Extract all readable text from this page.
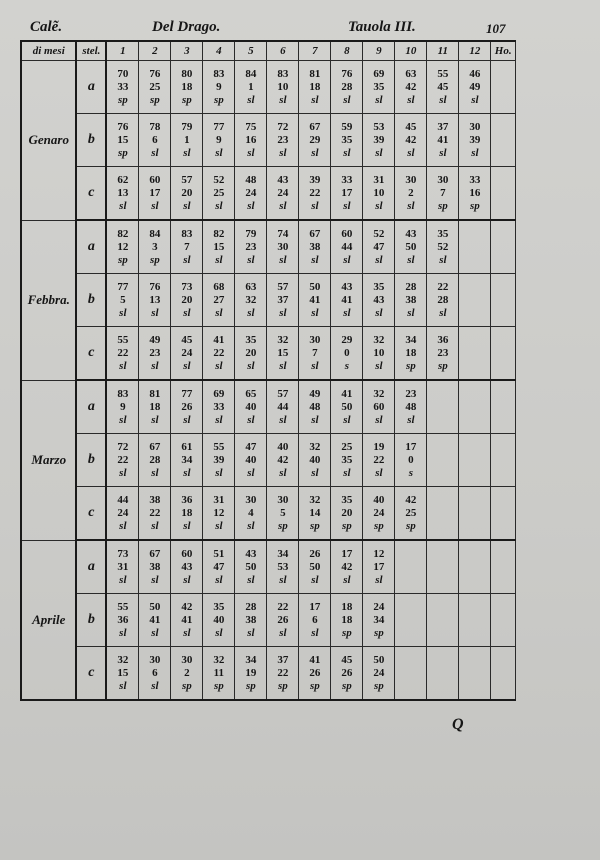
Calẽ.	Del Drago.	Tauola III.	107
di mesi	stel.	1	2	3	4	5	6	7	8	9	10	11	12	Ho.
Genaro	a	70
33
sp	76
25
sp	80
18
sp	83
9
sp	84
1
sl	83
10
sl	81
18
sl	76
28
sl	69
35
sl	63
42
sl	55
45
sl	46
49
sl	

	b	76
15
sp	78
6
sl	79
1
sl	77
9
sl	75
16
sl	72
23
sl	67
29
sl	59
35
sl	53
39
sl	45
42
sl	37
41
sl	30
39
sl	

	c	62
13
sl	60
17
sl	57
20
sl	52
25
sl	48
24
sl	43
24
sl	39
22
sl	33
17
sl	31
10
sl	30
2
sl	30
7
sp	33
16
sp	

Febbra.	a	82
12
sp	84
3
sp	83
7
sl	82
15
sl	79
23
sl	74
30
sl	67
38
sl	60
44
sl	52
47
sl	43
50
sl	35
52
sl		

	b	77
5
sl	76
13
sl	73
20
sl	68
27
sl	63
32
sl	57
37
sl	50
41
sl	43
41
sl	35
43
sl	28
38
sl	22
28
sl		

	c	55
22
sl	49
23
sl	45
24
sl	41
22
sl	35
20
sl	32
15
sl	30
7
sl	29
0
s	32
10
sl	34
18
sp	36
23
sp		

Marzo	a	83
9
sl	81
18
sl	77
26
sl	69
33
sl	65
40
sl	57
44
sl	49
48
sl	41
50
sl	32
60
sl	23
48
sl			

	b	72
22
sl	67
28
sl	61
34
sl	55
39
sl	47
40
sl	40
42
sl	32
40
sl	25
35
sl	19
22
sl	17
0
s			

	c	44
24
sl	38
22
sl	36
18
sl	31
12
sl	30
4
sl	30
5
sp	32
14
sp	35
20
sp	40
24
sp	42
25
sp			

Aprile	a	73
31
sl	67
38
sl	60
43
sl	51
47
sl	43
50
sl	34
53
sl	26
50
sl	17
42
sl	12
17
sl				

	b	55
36
sl	50
41
sl	42
41
sl	35
40
sl	28
38
sl	22
26
sl	17
6
sl	18
18
sp	24
34
sp				

	c	32
15
sl	30
6
sl	30
2
sp	32
11
sp	34
19
sp	37
22
sp	41
26
sp	45
26
sp	50
24
sp				

Q
